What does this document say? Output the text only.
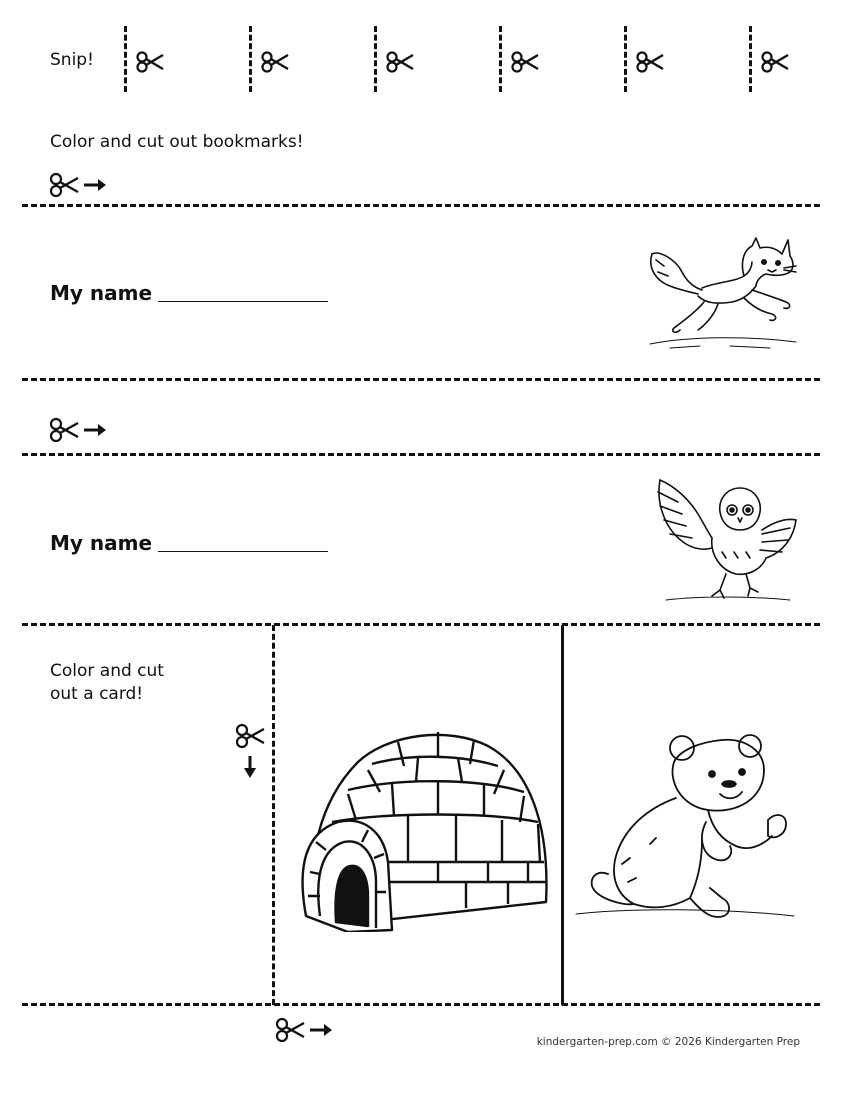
Snip!
Color and cut out bookmarks!
My name
My name
Color and cut
out a card!
kindergarten-prep.com © 2026 Kindergarten Prep
